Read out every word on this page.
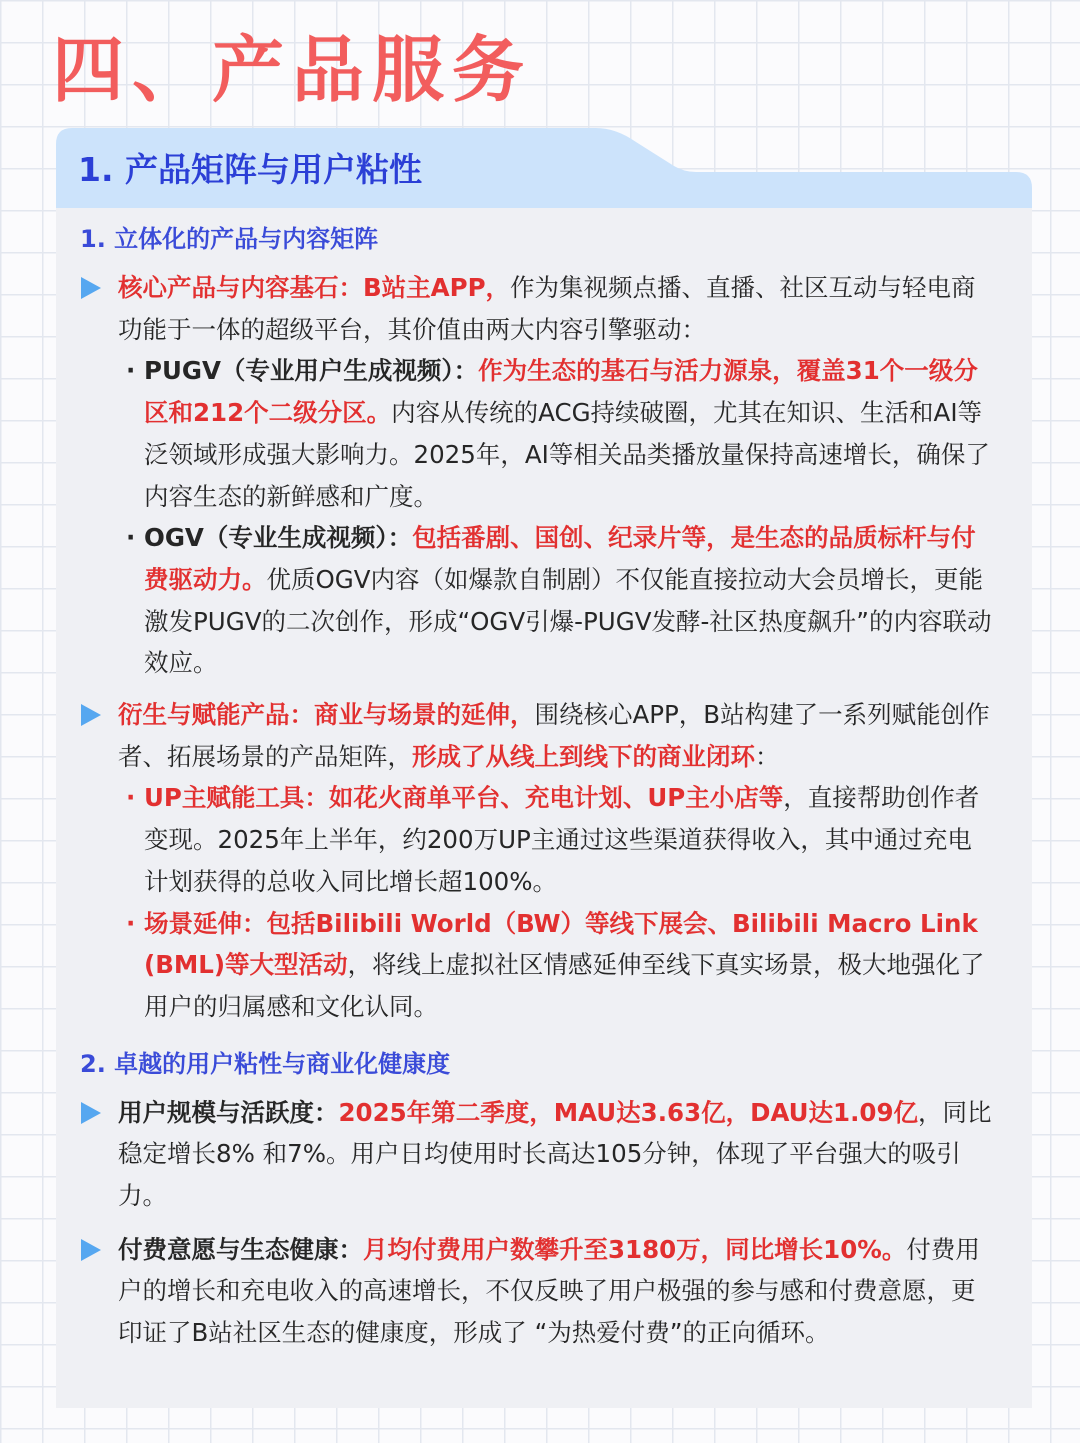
四、产品服务
1. 产品矩阵与用户粘性
1. 立体化的产品与内容矩阵

核心产品与内容基石：B站主APP，作为集视频点播、直播、社区互动与轻电商功能于一体的超级平台，其价值由两大内容引擎驱动：

· PUGV（专业用户生成视频）：作为生态的基石与活力源泉，覆盖31个一级分区和212个二级分区。内容从传统的ACG持续破圈，尤其在知识、生活和AI等泛领域形成强大影响力。2025年，AI等相关品类播放量保持高速增长，确保了内容生态的新鲜感和广度。

· OGV（专业生成视频）：包括番剧、国创、纪录片等，是生态的品质标杆与付费驱动力。优质OGV内容（如爆款自制剧）不仅能直接拉动大会员增长，更能激发PUGV的二次创作，形成“OGV引爆-PUGV发酵-社区热度飙升”的内容联动效应。

衍生与赋能产品：商业与场景的延伸，围绕核心APP，B站构建了一系列赋能创作者、拓展场景的产品矩阵，形成了从线上到线下的商业闭环：

· UP主赋能工具：如花火商单平台、充电计划、UP主小店等，直接帮助创作者变现。2025年上半年，约200万UP主通过这些渠道获得收入，其中通过充电计划获得的总收入同比增长超100%。

· 场景延伸：包括Bilibili World（BW）等线下展会、Bilibili Macro Link (BML)等大型活动，将线上虚拟社区情感延伸至线下真实场景，极大地强化了用户的归属感和文化认同。

2. 卓越的用户粘性与商业化健康度

用户规模与活跃度：2025年第二季度，MAU达3.63亿，DAU达1.09亿，同比稳定增长8% 和7%。用户日均使用时长高达105分钟，体现了平台强大的吸引力。

付费意愿与生态健康：月均付费用户数攀升至3180万，同比增长10%。付费用户的增长和充电收入的高速增长，不仅反映了用户极强的参与感和付费意愿，更印证了B站社区生态的健康度，形成了 “为热爱付费”的正向循环。
